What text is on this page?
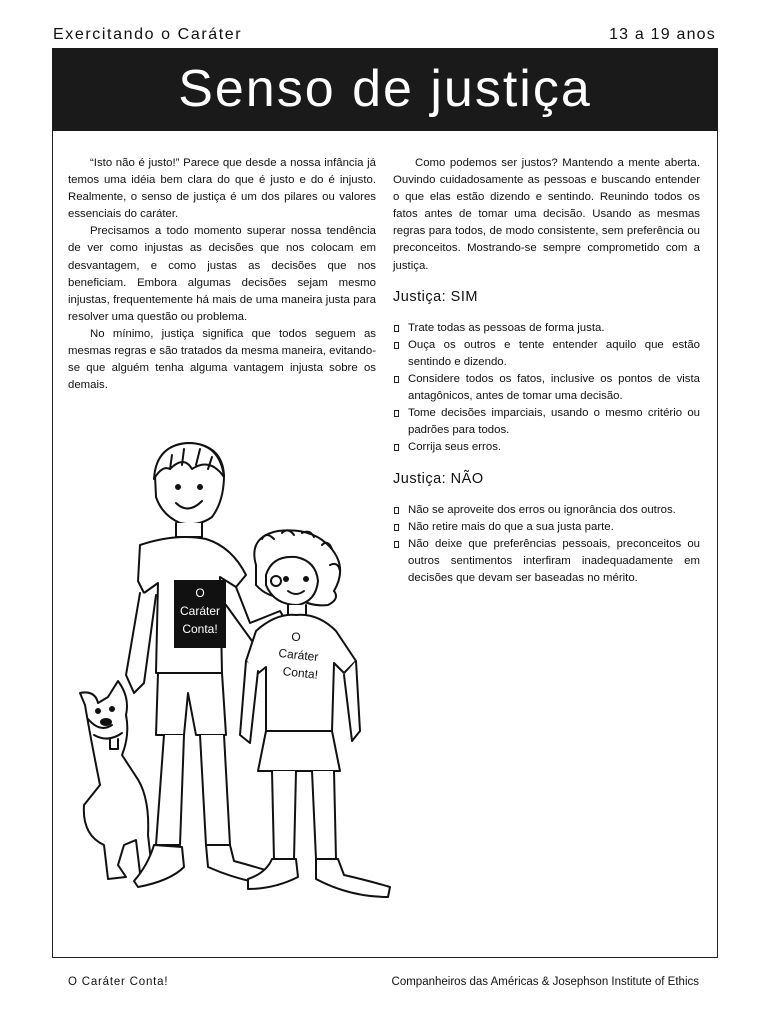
Exercitando o Caráter	13 a 19 anos
Senso de justiça

“Isto não é justo!” Parece que desde a nossa infância já temos uma idéia bem clara do que é justo e do é injusto. Realmente, o senso de justiça é um dos pilares ou valores essenciais do caráter.

Precisamos a todo momento superar nossa tendência de ver como injustas as decisões que nos colocam em desvantagem, e como justas as decisões que nos beneficiam. Embora algumas decisões sejam mesmo injustas, frequentemente há mais de uma maneira justa para resolver uma questão ou problema.

No mínimo, justiça significa que todos seguem as mesmas regras e são tratados da mesma maneira, evitando-se que alguém tenha alguma vantagem injusta sobre os demais.

Como podemos ser justos? Mantendo a mente aberta. Ouvindo cuidadosamente as pessoas e buscando entender o que elas estão dizendo e sentindo. Reunindo todos os fatos antes de tomar uma decisão. Usando as mesmas regras para todos, de modo consistente, sem preferência ou preconceitos. Mostrando-se sempre comprometido com a justiça.

Justiça: SIM
Trate todas as pessoas de forma justa.
Ouça os outros e tente entender aquilo que estão sentindo e dizendo.
Considere todos os fatos, inclusive os pontos de vista antagônicos, antes de tomar uma decisão.
Tome decisões imparciais, usando o mesmo critério ou padrões para todos.
Corrija seus erros.
Justiça: NÃO
Não se aproveite dos erros ou ignorância dos outros.
Não retire mais do que a sua justa parte.
Não deixe que preferências pessoais, preconceitos ou outros sentimentos interfiram inadequadamente em decisões que devam ser baseadas no mérito.
O
Caráter
Conta!
O
Caráter
Conta!
O Caráter Conta!	Companheiros das Américas & Josephson Institute of Ethics
